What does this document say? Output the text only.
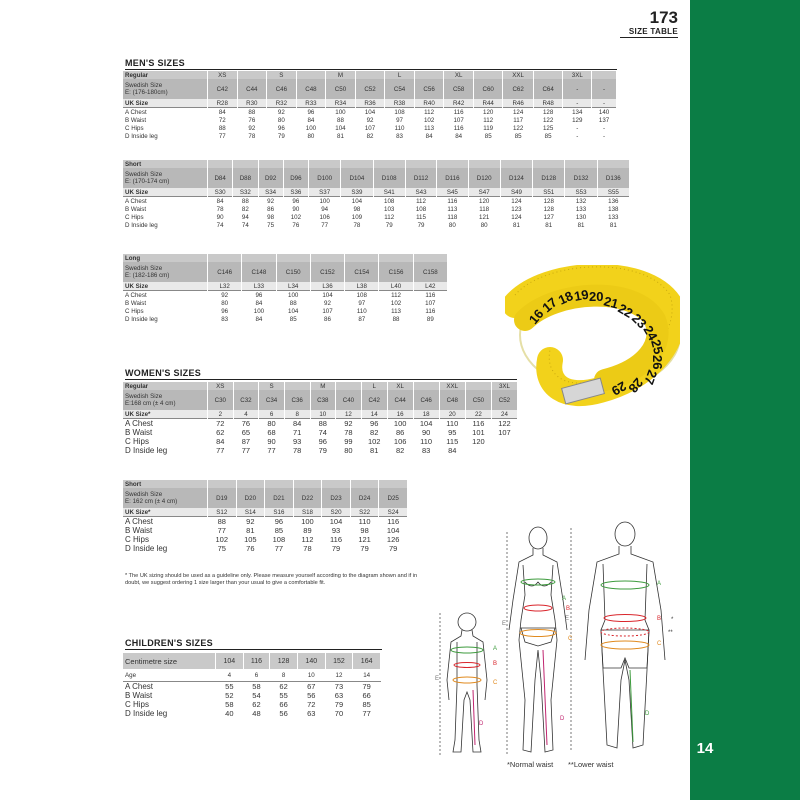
14
173
SIZE TABLE
MEN'S SIZES
Regular	XS		S		M		L		XL		XXL		3XL	

Swedish Size
E: (176-180cm)	C42	C44	C46	C48	C50	C52	C54	C56	C58	C60	C62	C64	-	-
UK Size	R28	R30	R32	R33	R34	R36	R38	R40	R42	R44	R46	R48	-	-
A Chest	84	88	92	96	100	104	108	112	116	120	124	128	134	140
B Waist	72	76	80	84	88	92	97	102	107	112	117	122	129	137
C Hips	88	92	96	100	104	107	110	113	116	119	122	125	-	-
D Inside leg	77	78	79	80	81	82	83	84	84	85	85	85	-	-
Short														

Swedish Size
E: (170-174 cm)	D84	D88	D92	D96	D100	D104	D108	D112	D116	D120	D124	D128	D132	D136
UK Size	S30	S32	S34	S36	S37	S39	S41	S43	S45	S47	S49	S51	S53	S55
A Chest	84	88	92	96	100	104	108	112	116	120	124	128	132	136
B Waist	78	82	86	90	94	98	103	108	113	118	123	128	133	138
C Hips	90	94	98	102	106	109	112	115	118	121	124	127	130	133
D Inside leg	74	74	75	76	77	78	79	79	80	80	81	81	81	81
Long							

Swedish Size
E: (182-186 cm)	C146	C148	C150	C152	C154	C156	C158
UK Size	L32	L33	L34	L36	L38	L40	L42
A Chest	92	96	100	104	108	112	116
B Waist	80	84	88	92	97	102	107
C Hips	96	100	104	107	110	113	116
D Inside leg	83	84	85	86	87	88	89
WOMEN'S SIZES
Regular	XS		S		M		L	XL		XXL		3XL

Swedish Size
E:168 cm (± 4 cm)	C30	C32	C34	C36	C38	C40	C42	C44	C46	C48	C50	C52
UK Size*	2	4	6	8	10	12	14	16	18	20	22	24
A Chest	72	76	80	84	88	92	96	100	104	110	116	122
B Waist	62	65	68	71	74	78	82	86	90	95	101	107
C Hips	84	87	90	93	96	99	102	106	110	115	120	
D Inside leg	77	77	77	78	79	80	81	82	83	84		
Short							

Swedish Size
E: 162 cm (± 4 cm)	D19	D20	D21	D22	D23	D24	D25
UK Size*	S12	S14	S16	S18	S20	S22	S24
A Chest	88	92	96	100	104	110	116
B Waist	77	81	85	89	93	98	104
C Hips	102	105	108	112	116	121	126
D Inside leg	75	76	77	78	79	79	79
* The UK sizing should be used as a guideline only. Please measure yourself according to the diagram shown and if in doubt, we suggest ordering 1 size larger than your usual to give a comfortable fit.
CHILDREN'S SIZES
Centimetre size	104	116	128	140	152	164
Age	4	6	8	10	12	14
A Chest	55	58	62	67	73	79
B Waist	52	54	55	56	63	66
C Hips	58	62	66	72	79	85
D Inside leg	40	48	56	63	70	77
16
17
18
19 20
21
22
23
24
25
26
27
28
29
A
B
C
D
E
A
B
C
D
E
A
B
C
D
E	*
**
*Normal waist **Lower waist
